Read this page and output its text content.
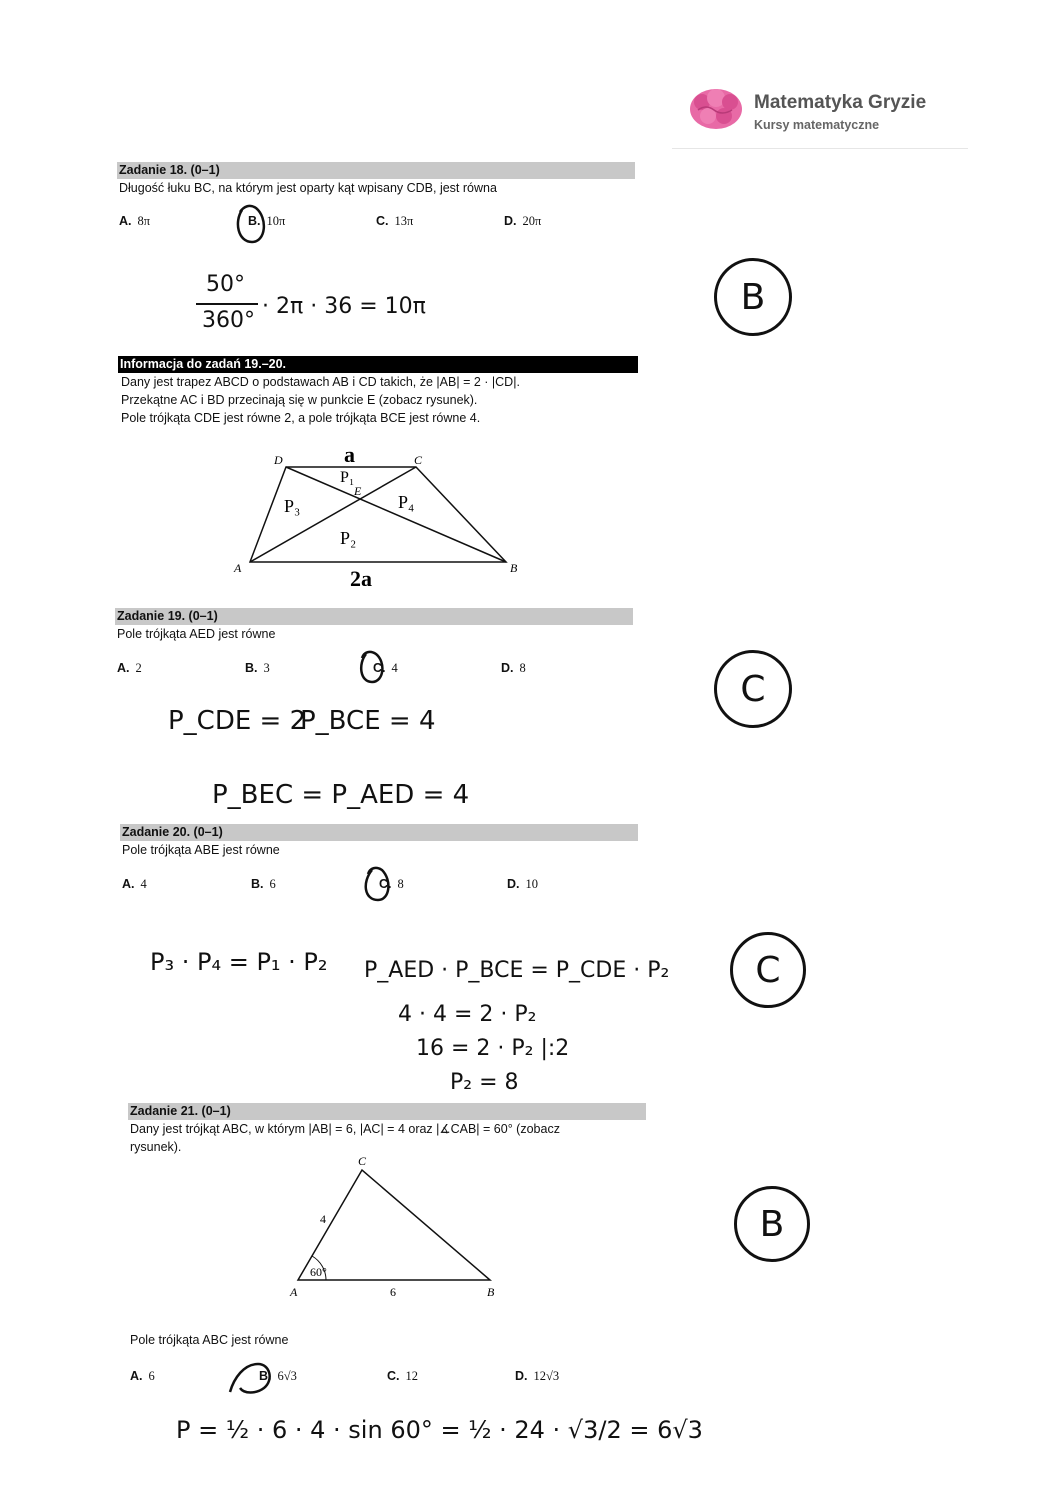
Matematyka Gryzie
Kursy matematyczne
Zadanie 18. (0–1)
Długość łuku BC, na którym jest oparty kąt wpisany CDB, jest równa
A. 8π	B. 10π	C. 13π	D. 20π
50°
360°
· 2π · 36 = 10π	B
Informacja do zadań 19.–20.
Dany jest trapez ABCD o podstawach AB i CD takich, że |AB| = 2 · |CD|.
Przekątne AC i BD przecinają się w punkcie E (zobacz rysunek).
Pole trójkąta CDE jest równe 2, a pole trójkąta BCE jest równe 4.
D	C
A	B
E
a
2a
P₁
P₂
P₃	P₄
Zadanie 19. (0–1)
Pole trójkąta AED jest równe
A. 2	B. 3	C. 4	D. 8
P_CDE = 2
P_BCE = 4
P_BEC = P_AED = 4
C
Zadanie 20. (0–1)
Pole trójkąta ABE jest równe
A. 4	B. 6	C. 8	D. 10
P₃ · P₄ = P₁ · P₂ P_AED · P_BCE = P_CDE · P₂
4 · 4 = 2 · P₂
16 = 2 · P₂ |:2
P₂ = 8
C
Zadanie 21. (0–1)
Dany jest trójkąt ABC, w którym |AB| = 6, |AC| = 4 oraz |∡CAB| = 60° (zobacz
rysunek).
C
A	B
4
6
60°
Pole trójkąta ABC jest równe
A. 6	B. 6√3	C. 12	D. 12√3
P = ½ · 6 · 4 · sin 60° = ½ · 24 · √3/2 = 6√3
B
